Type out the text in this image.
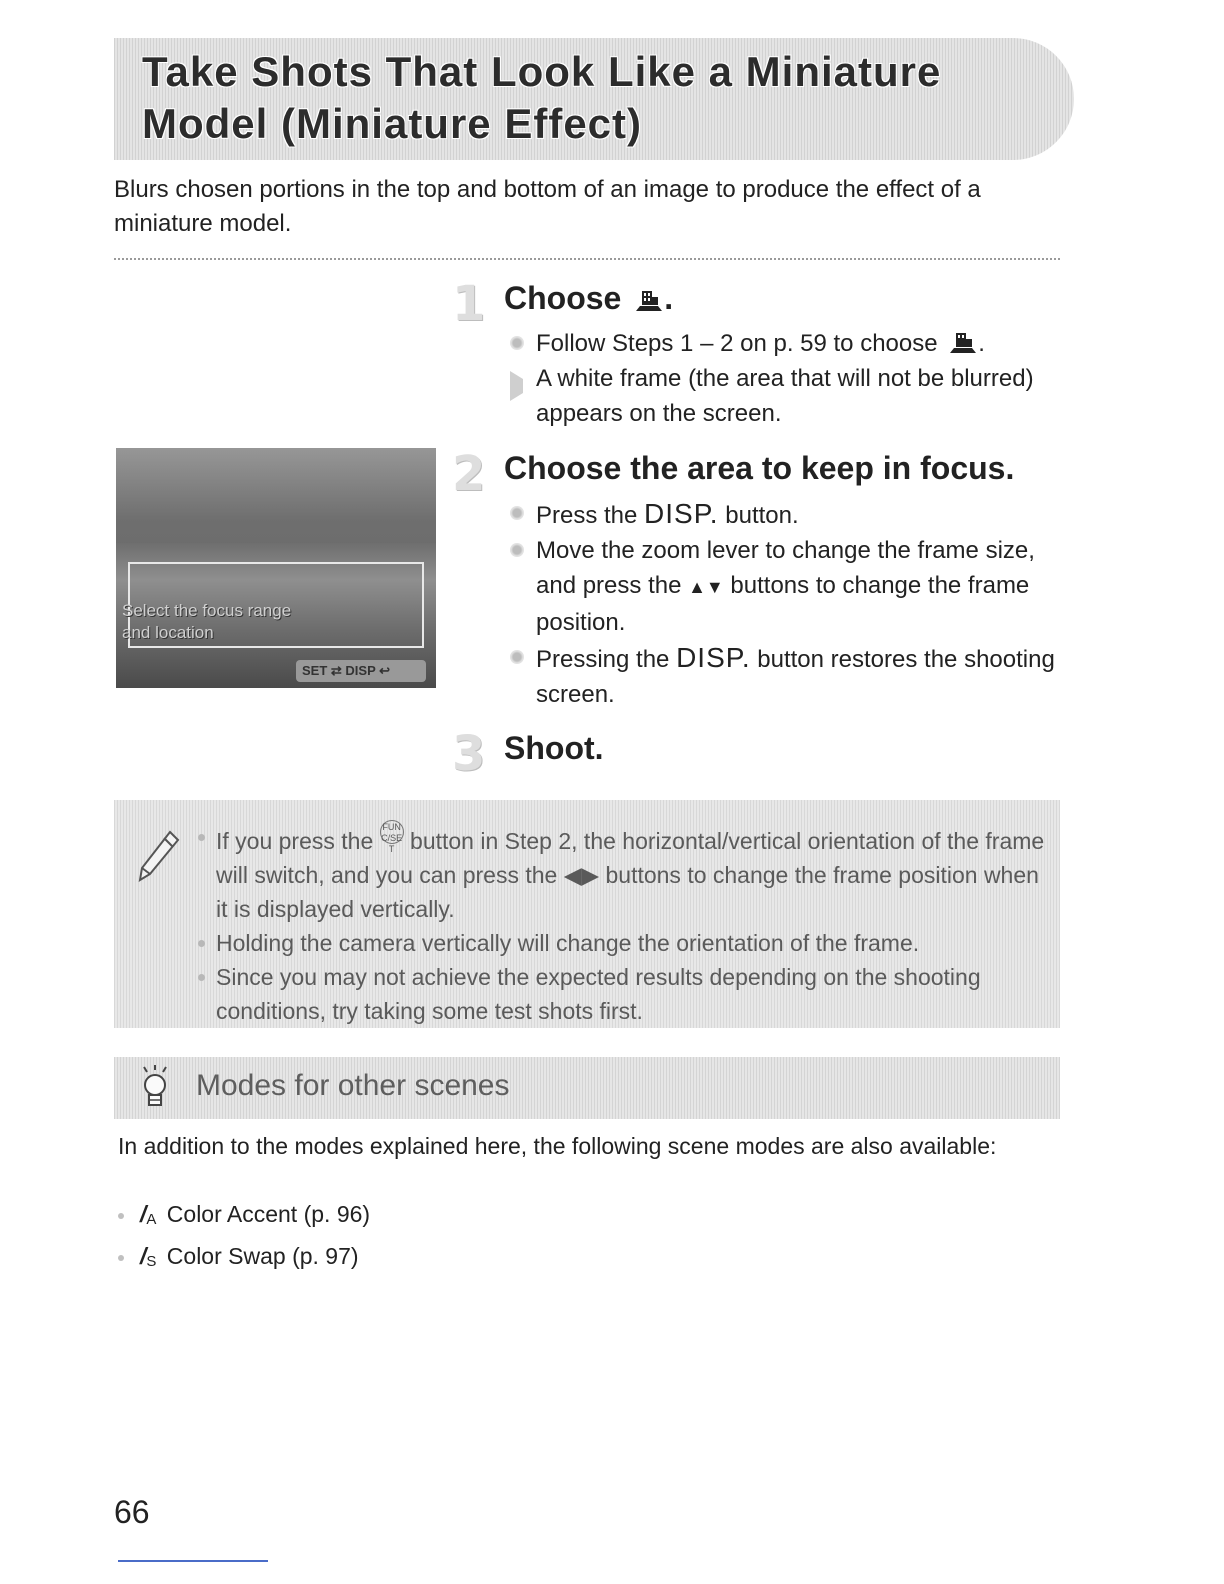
Take Shots That Look Like a Miniature
Model (Miniature Effect)
Blurs chosen portions in the top and bottom of an image to produce the effect of a miniature model.
1 Choose .
Follow Steps 1 – 2 on p. 59 to choose .
A white frame (the area that will not be blurred) appears on the screen.
Select the focus range
and location
SET ⇄ DISP ↩
2 Choose the area to keep in focus.
Press the DISP. button.
Move the zoom lever to change the frame size, and press the ▲▼ buttons to change the frame position.
Pressing the DISP. button restores the shooting screen.
3 Shoot.
If you press the FUNC/SET button in Step 2, the horizontal/vertical orientation of the frame will switch, and you can press the ◀▶ buttons to change the frame position when it is displayed vertically.
Holding the camera vertically will change the orientation of the frame.
Since you may not achieve the expected results depending on the shooting conditions, try taking some test shots first.
Modes for other scenes
In addition to the modes explained here, the following scene modes are also available:
$/_A$ Color Accent (p. 96)
$/_S$ Color Swap (p. 97)
66
